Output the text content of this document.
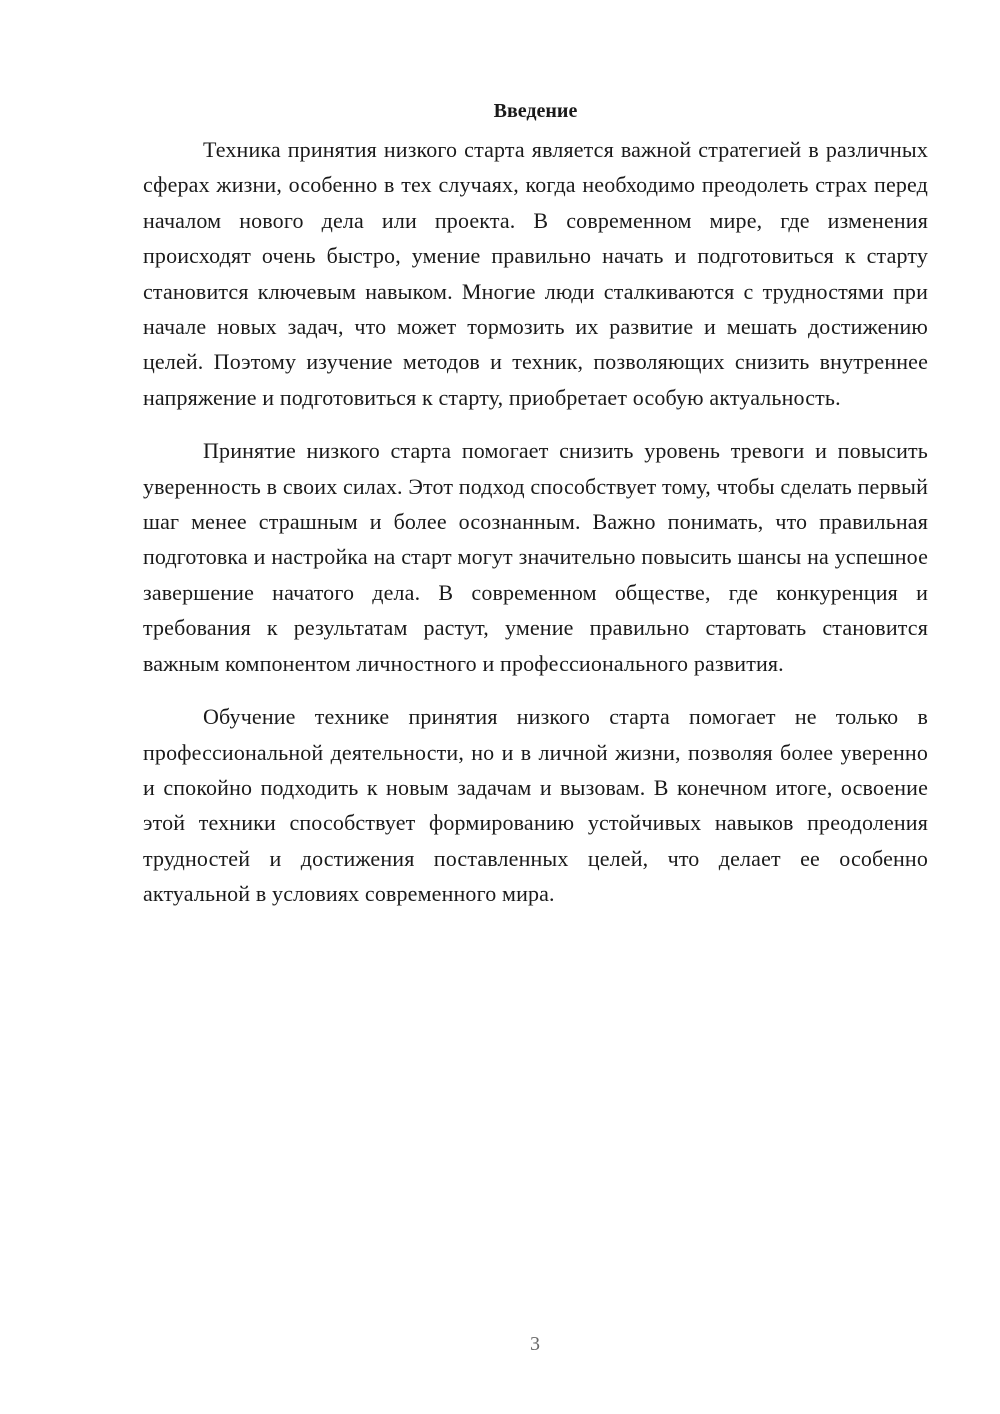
Введение

Техника принятия низкого старта является важной стратегией в различных сферах жизни, особенно в тех случаях, когда необходимо преодолеть страх перед началом нового дела или проекта. В современном мире, где изменения происходят очень быстро, умение правильно начать и подготовиться к старту становится ключевым навыком. Многие люди сталкиваются с трудностями при начале новых задач, что может тормозить их развитие и мешать достижению целей. Поэтому изучение методов и техник, позволяющих снизить внутреннее напряжение и подготовиться к старту, приобретает особую актуальность.

Принятие низкого старта помогает снизить уровень тревоги и повысить уверенность в своих силах. Этот подход способствует тому, чтобы сделать первый шаг менее страшным и более осознанным. Важно понимать, что правильная подготовка и настройка на старт могут значительно повысить шансы на успешное завершение начатого дела. В современном обществе, где конкуренция и требования к результатам растут, умение правильно стартовать становится важным компонентом личностного и профессионального развития.

Обучение технике принятия низкого старта помогает не только в профессиональной деятельности, но и в личной жизни, позволяя более уверенно и спокойно подходить к новым задачам и вызовам. В конечном итоге, освоение этой техники способствует формированию устойчивых навыков преодоления трудностей и достижения поставленных целей, что делает ее особенно актуальной в условиях современного мира.

3
